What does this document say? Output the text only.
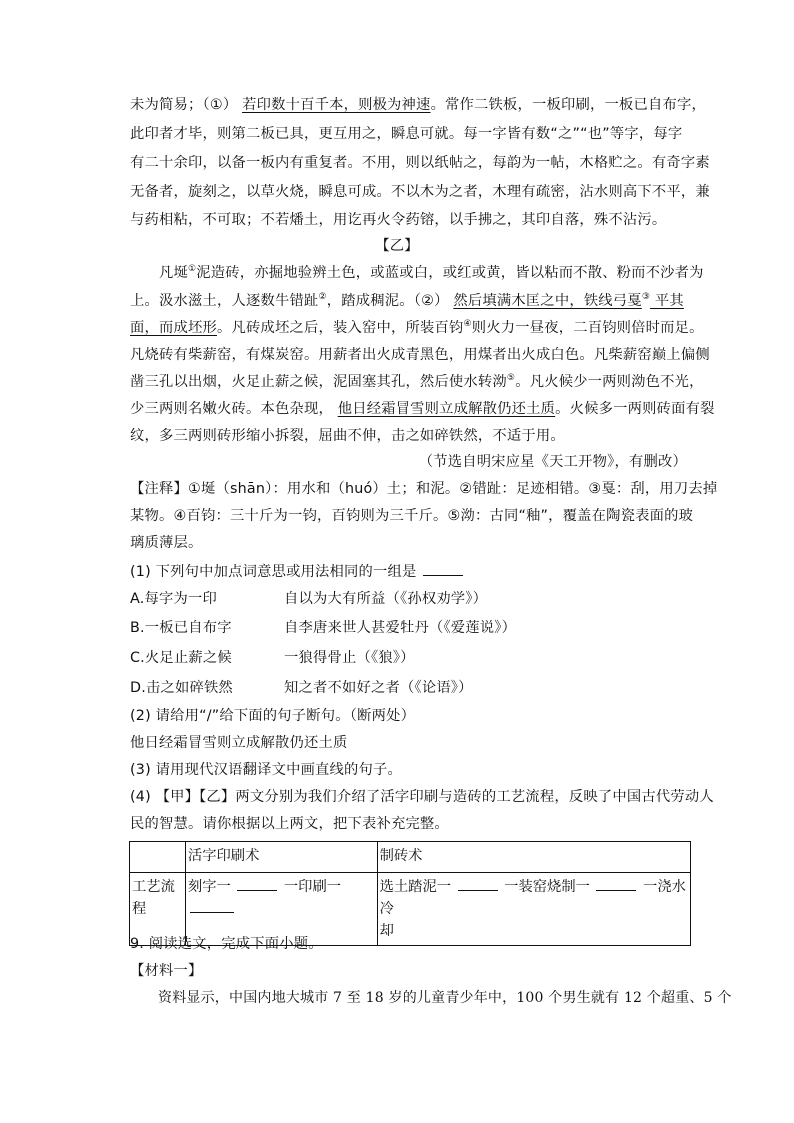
未为简易；（①） 若印数十百千本，则极为神速。常作二铁板，一板印刷，一板已自布字，
此印者才毕，则第二板已具，更互用之，瞬息可就。每一字皆有数“之”“也”等字，每字
有二十余印，以备一板内有重复者。不用，则以纸帖之，每韵为一帖，木格贮之。有奇字素
无备者，旋刻之，以草火烧，瞬息可成。不以木为之者，木理有疏密，沾水则高下不平，兼
与药相粘，不可取；不若燔土，用讫再火令药镕，以手拂之，其印自落，殊不沾污。
【乙】
凡埏①泥造砖，亦掘地验辨土色，或蓝或白，或红或黄，皆以粘而不散、粉而不沙者为
上。汲水滋土，人逐数牛错趾②，踏成稠泥。（②） 然后填满木匡之中，铁线弓戛③ 平其
面，而成坯形。凡砖成坯之后，装入窑中，所装百钧④则火力一昼夜，二百钧则倍时而足。
凡烧砖有柴薪窑，有煤炭窑。用薪者出火成青黑色，用煤者出火成白色。凡柴薪窑巅上偏侧
凿三孔以出烟，火足止薪之候，泥固塞其孔，然后使水转泑⑤。凡火候少一两则泑色不光，
少三两则名嫩火砖。本色杂现， 他日经霜冒雪则立成解散仍还土质。火候多一两则砖面有裂
纹，多三两则砖形缩小拆裂，屈曲不伸，击之如碎铁然，不适于用。
（节选自明宋应星《天工开物》，有删改）
【注释】①埏（shān）：用水和（huó）土；和泥。②错趾：足迹相错。③戛：刮，用刀去掉
某物。④百钧：三十斤为一钧，百钧则为三千斤。⑤泑：古同“釉”，覆盖在陶瓷表面的玻
璃质薄层。
(1) 下列句中加点词意思或用法相同的一组是
A.每字为一印	自以为大有所益（《孙权劝学》）
B.一板已自布字	自李唐来世人甚爱牡丹（《爱莲说》）
C.火足止薪之候	一狼得骨止（《狼》）
D.击之如碎铁然	知之者不如好之者（《论语》）
(2) 请给用“/”给下面的句子断句。（断两处）
他日经霜冒雪则立成解散仍还土质
(3) 请用现代汉语翻译文中画直线的句子。
(4) 【甲】【乙】两文分别为我们介绍了活字印刷与造砖的工艺流程，反映了中国古代劳动人
民的智慧。请你根据以上两文，把下表补充完整。
	活字印刷术	制砖术
工艺流
程	刻字一 一印刷一	选土踏泥一 一装窑烧制一 一浇水冷
却
9. 阅读选文，完成下面小题。
【材料一】
资料显示，中国内地大城市 7 至 18 岁的儿童青少年中，100 个男生就有 12 个超重、5 个
